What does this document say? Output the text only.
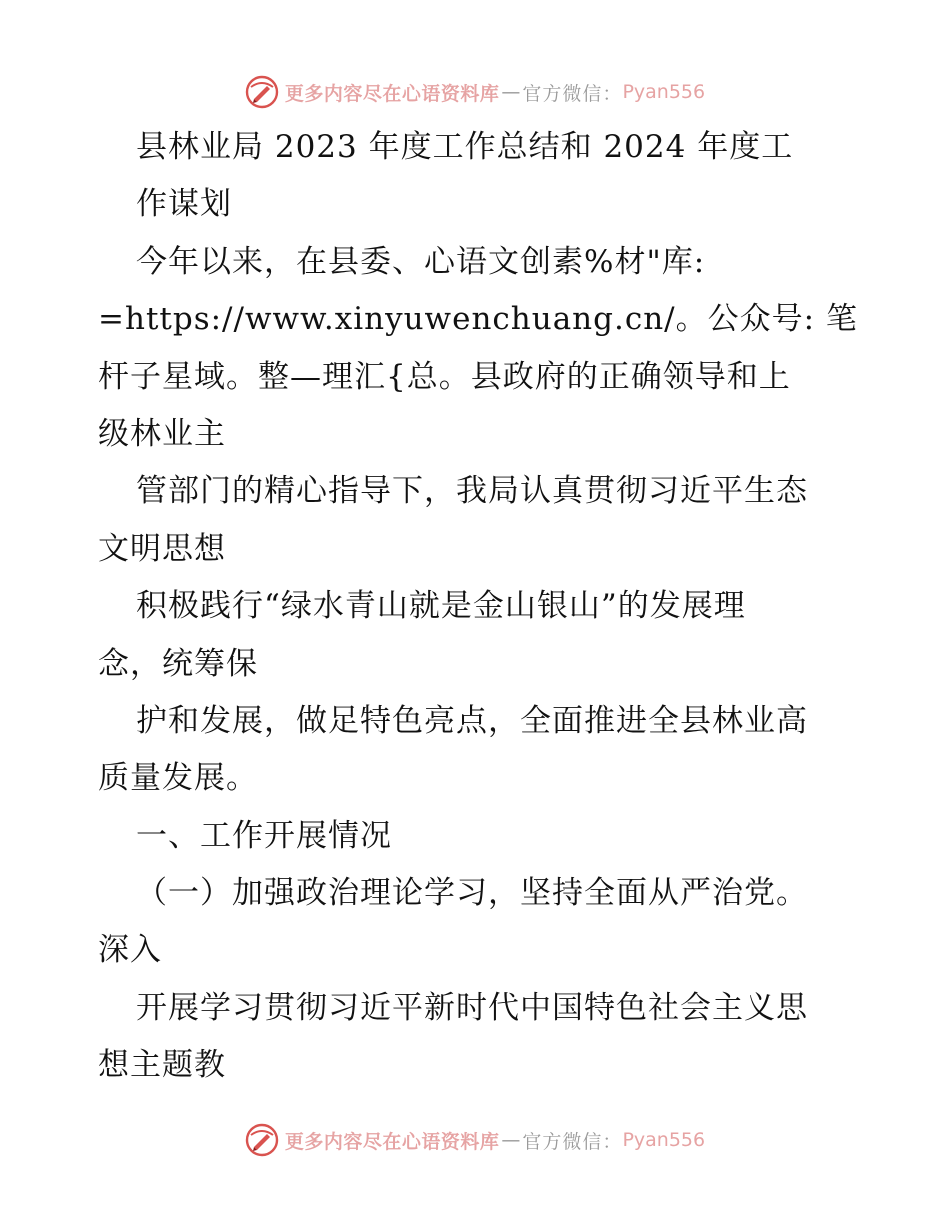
更多内容尽在心语资料库 — 官方微信： Pyan556
县林业局 2023 年度工作总结和 2024 年度工
作谋划
今年以来，在县委、心语文创素%材"库:
=https://www.xinyuwenchuang.cn/。公众号: 笔
杆子星域。整—理汇{总。县政府的正确领导和上
级林业主
管部门的精心指导下，我局认真贯彻习近平生态
文明思想
积极践行“绿水青山就是金山银山”的发展理
念，统筹保
护和发展，做足特色亮点，全面推进全县林业高
质量发展。
一、工作开展情况
（一）加强政治理论学习，坚持全面从严治党。
深入
开展学习贯彻习近平新时代中国特色社会主义思
想主题教
更多内容尽在心语资料库 — 官方微信： Pyan556
